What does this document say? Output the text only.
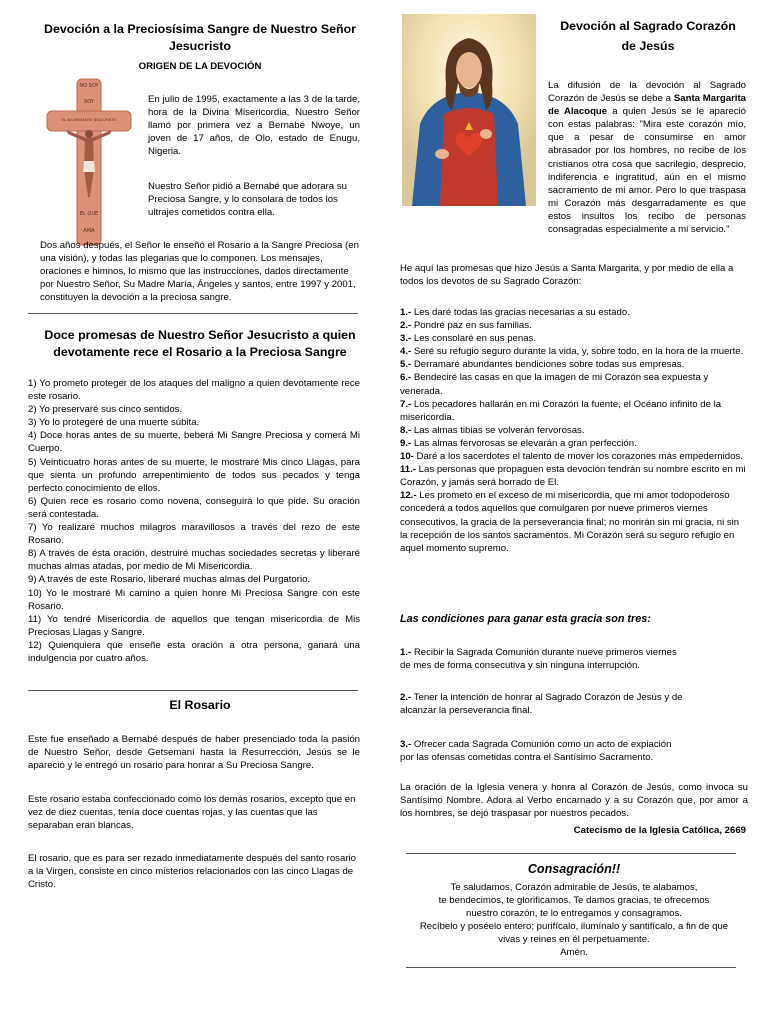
Devoción a la Preciosísima Sangre de Nuestro Señor Jesucristo
ORIGEN DE LA DEVOCIÓN
NO SOY
SOY
EL AGONIZANTE JESUCRISTO
EL QUE
AMA
En julio de 1995, exactamente a las 3 de la tarde, hora de la Divina Misericordia, Nuestro Señor llamó por primera vez a Bernabé Nwoye, un joven de 17 años, de Olo, estado de Enugu, Nigeria.
Nuestro Señor pidió a Bernabé que adorara su Preciosa Sangre, y lo consolara de todos los ultrajes cometidos contra ella.
Dos años después, el Señor le enseñó el Rosario a la Sangre Preciosa (en una visión), y todas las plegarias que lo componen. Los mensajes, oraciones e himnos, lo mismo que las instrucciones, dados directamente por Nuestro Señor, Su Madre María, Ángeles y santos, entre 1997 y 2001, constituyen la devoción a la preciosa sangre.
Doce promesas de Nuestro Señor Jesucristo a quien devotamente rece el Rosario a la Preciosa Sangre
1) Yo prometo proteger de los ataques del maligno a quien devotamente rece este rosario.
2) Yo preservaré sus cinco sentidos.
3) Yo lo protegeré de una muerte súbita.
4) Doce horas antes de su muerte, beberá Mi Sangre Preciosa y comerá Mi Cuerpo.
5) Veinticuatro horas antes de su muerte, le mostraré Mis cinco Llagas, para que sienta un profundo arrepentimiento de todos sus pecados y tenga perfecto conocimiento de ellos.
6) Quien rece es rosario como novena, conseguirá lo que pide. Su oración será contestada.
7) Yo realizaré muchos milagros maravillosos a través del rezo de este Rosario.
8) A través de ésta oración, destruiré muchas sociedades secretas y liberaré muchas almas atadas, por medio de Mi Misericordia.
9) A través de este Rosario, liberaré muchas almas del Purgatorio.
10) Yo le mostraré Mi camino a quien honre Mi Preciosa Sangre con este Rosario.
11) Yo tendré Misericordia de aquellos que tengan misericordia de Mis Preciosas Llagas y Sangre.
12) Quienquiera que enseñe esta oración a otra persona, ganará una indulgencia por cuatro años.
El Rosario
Este fue enseñado a Bernabé después de haber presenciado toda la pasión de Nuestro Señor, desde Getsemaní hasta la Resurrección, Jesús se le apareció y le entregó un rosario para honrar a Su Preciosa Sangre.
Este rosario estaba confeccionado como los demás rosarios, excepto que en vez de diez cuentas, tenía doce cuentas rojas, y las cuentas que las separaban eran blancas.
El rosario, que es para ser rezado inmediatamente después del santo rosario a la Virgen, consiste en cinco misterios relacionados con las cinco Llagas de Cristo.
Devoción al Sagrado Corazón
de Jesús
La difusión de la devoción al Sagrado Corazón de Jesús se debe a Santa Margarita de Alacoque a quien Jesús se le apareció con estas palabras: "Mira este corazón mío, que a pesar de consumirse en amor abrasador por los hombres, no recibe de los cristianos otra cosa que sacrilegio, desprecio, indiferencia e ingratitud, aún en el mismo sacramento de mi amor. Pero lo que traspasa mi Corazón más desgarradamente es que estos insultos los recibo de personas consagradas especialmente a mi servicio."
He aquí las promesas que hizo Jesús a Santa Margarita, y por medio de ella a todos los devotos de su Sagrado Corazón:
1.- Les daré todas las gracias necesarias a su estado.
2.- Pondré paz en sus familias.
3.- Les consolaré en sus penas.
4.- Seré su refugio seguro durante la vida, y, sobre todo, en la hora de la muerte.
5.- Derramaré abundantes bendiciones sobre todas sus empresas.
6.- Bendeciré las casas en que la imagen de mi Corazón sea expuesta y venerada.
7.- Los pecadores hallarán en mi Corazón la fuente, el Océano infinito de la misericordia.
8.- Las almas tibias se volverán fervorosas.
9.- Las almas fervorosas se elevarán a gran perfección.
10- Daré a los sacerdotes el talento de mover los corazones más empedernidos.
11.- Las personas que propaguen esta devoción tendrán su nombre escrito en mi Corazón, y jamás será borrado de El.
12.- Les prometo en el exceso de mi misericordia, que mi amor todopoderoso concederá a todos aquellos que comulgaren por nueve primeros viernes consecutivos, la gracia de la perseverancia final; no morirán sin mi gracia, ni sin la recepción de los santos sacramentos. Mi Corazón será su seguro refugio en aquel momento supremo.
Las condiciones para ganar esta gracia son tres:
1.- Recibir la Sagrada Comunión durante nueve primeros viernes
de mes de forma consecutiva y sin ninguna interrupción.
2.- Tener la intención de honrar al Sagrado Corazón de Jesús y de
alcanzar la perseverancia final.
3.- Ofrecer cada Sagrada Comunión como un acto de expiación
por las ofensas cometidas contra el Santísimo Sacramento.
La oración de la Iglesia venera y honra al Corazón de Jesús, como invoca su Santísimo Nombre. Adora al Verbo encarnado y a su Corazón que, por amor a los hombres, se dejó traspasar por nuestros pecados.
Catecismo de la Iglesia Católica, 2669
Consagración!!
Te saludamos, Corazón admirable de Jesús, te alabamos,
te bendecimos, te glorificamos. Te damos gracias, te ofrecemos
nuestro corazón, te lo entregamos y consagramos.
Recíbelo y poséelo entero; purifícalo, ilumínalo y santifícalo, a fin de que
vivas y reines en él perpetuamente.
Amén.
